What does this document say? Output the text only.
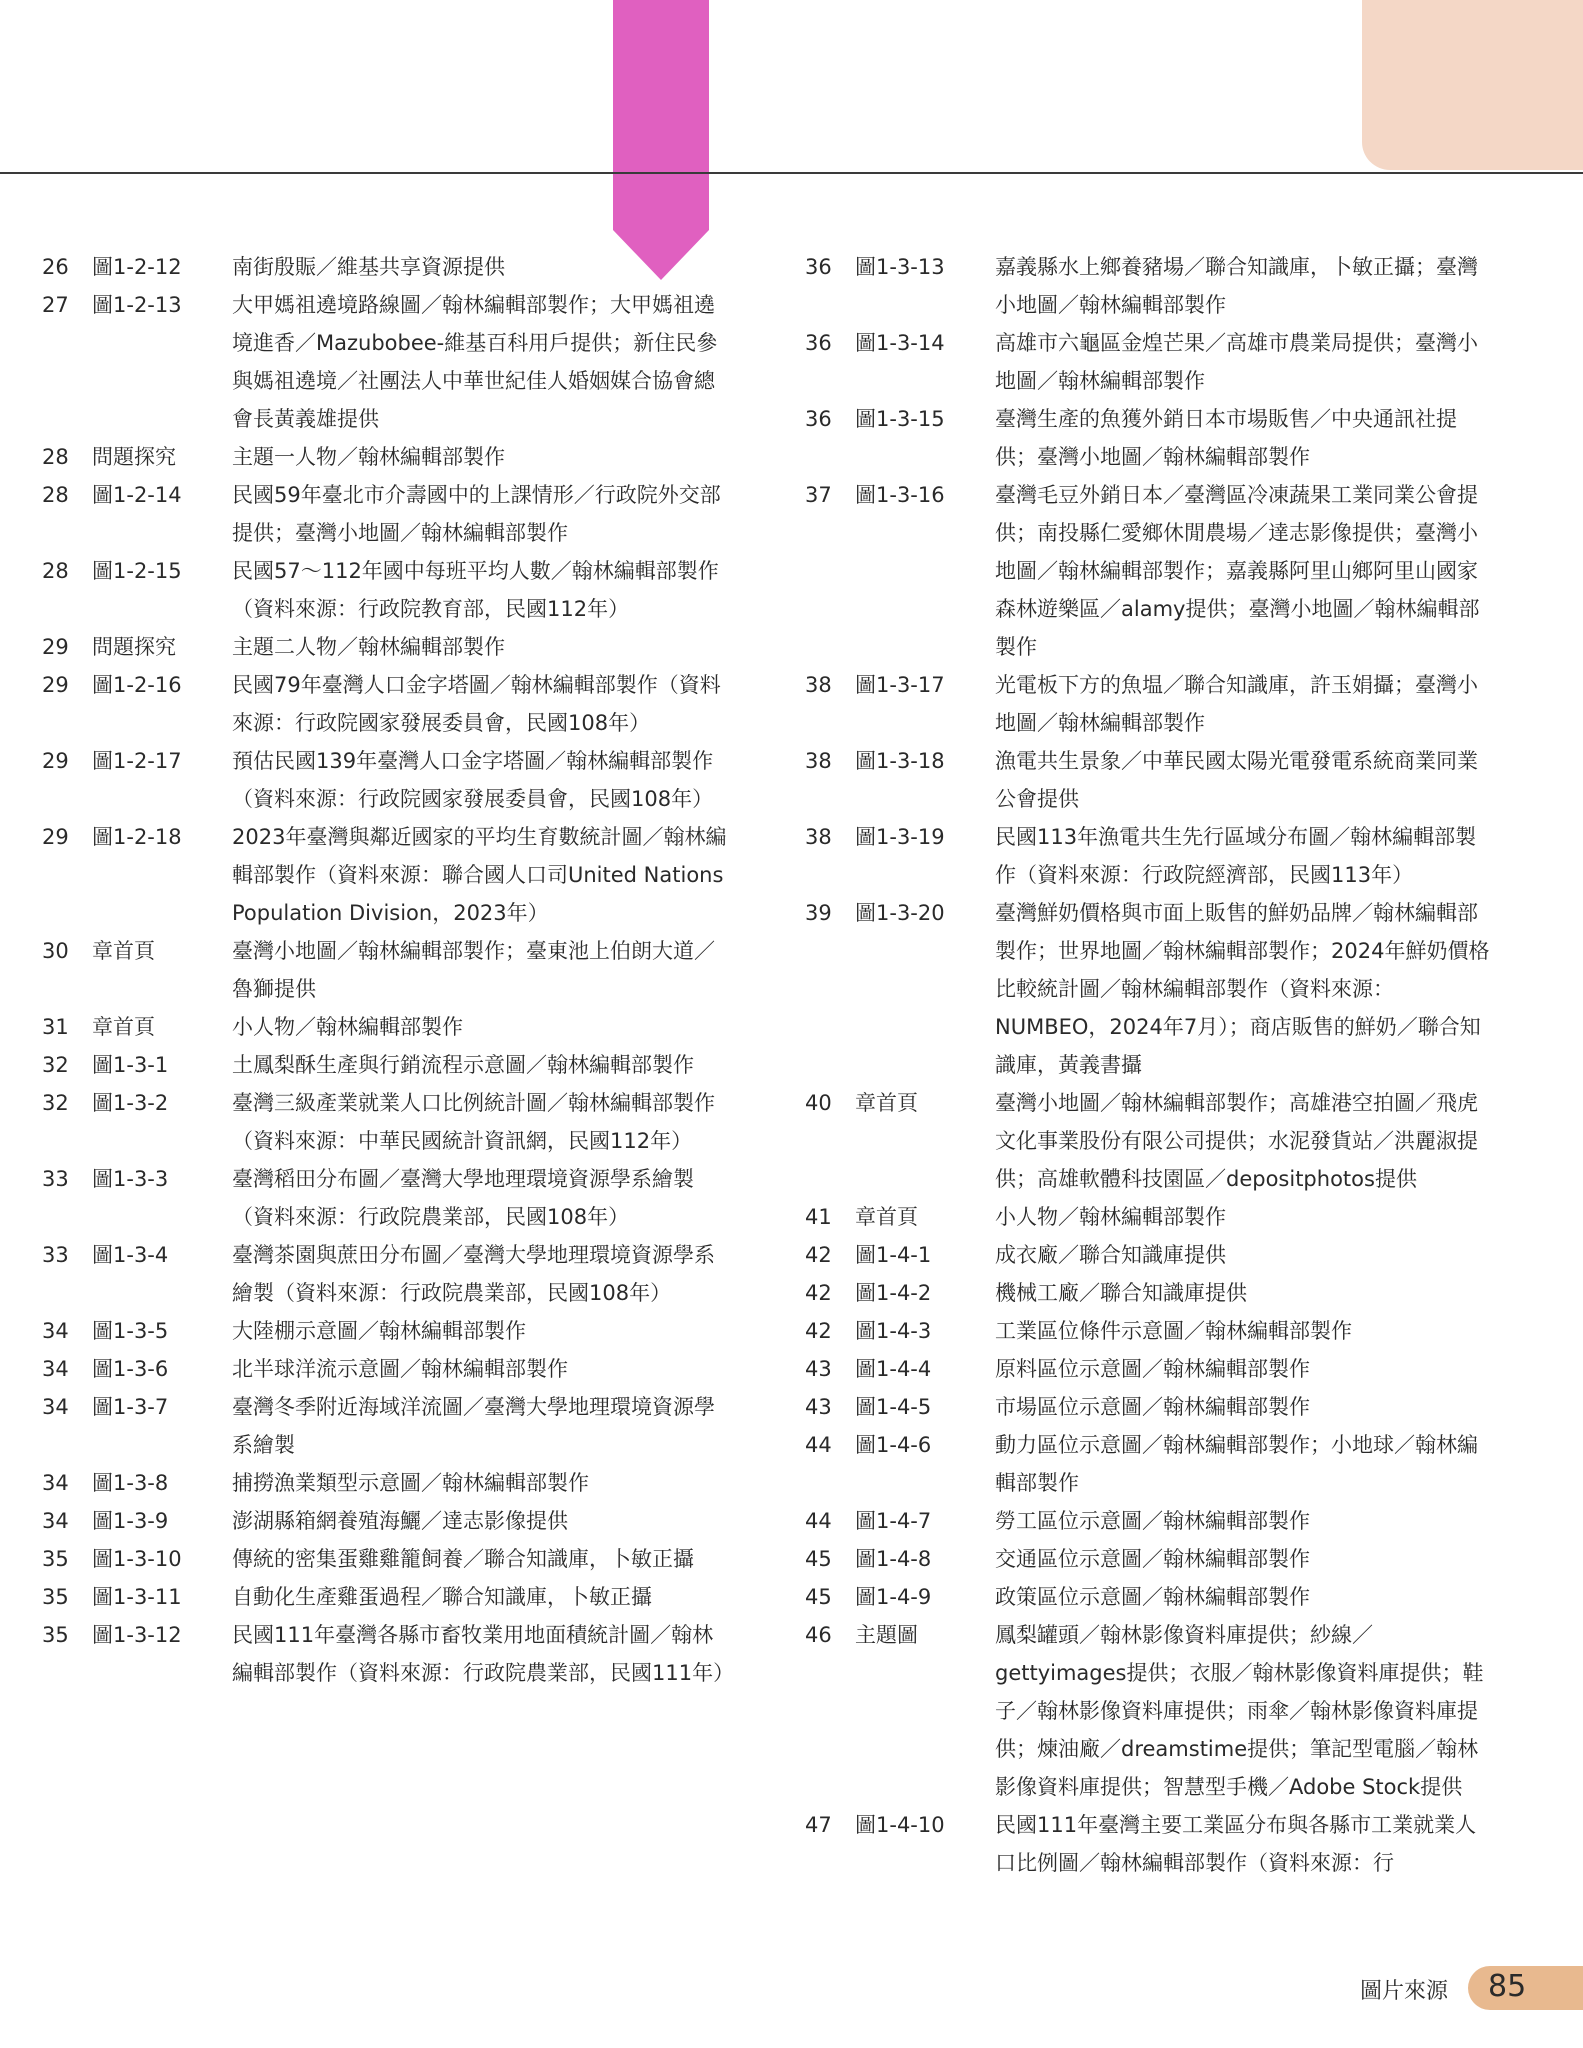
26	圖1-2-12	南街殷賑／維基共享資源提供
27	圖1-2-13	大甲媽祖遶境路線圖／翰林編輯部製作；大甲媽祖遶境進香／Mazubobee-維基百科用戶提供；新住民參與媽祖遶境／社團法人中華世紀佳人婚姻媒合協會總會長黃義雄提供
28	問題探究	主題一人物／翰林編輯部製作
28	圖1-2-14	民國59年臺北市介壽國中的上課情形／行政院外交部提供；臺灣小地圖／翰林編輯部製作
28	圖1-2-15	民國57～112年國中每班平均人數／翰林編輯部製作（資料來源：行政院教育部，民國112年）
29	問題探究	主題二人物／翰林編輯部製作
29	圖1-2-16	民國79年臺灣人口金字塔圖／翰林編輯部製作（資料來源：行政院國家發展委員會，民國108年）
29	圖1-2-17	預估民國139年臺灣人口金字塔圖／翰林編輯部製作（資料來源：行政院國家發展委員會，民國108年）
29	圖1-2-18	2023年臺灣與鄰近國家的平均生育數統計圖／翰林編輯部製作（資料來源：聯合國人口司United Nations Population Division，2023年）
30	章首頁	臺灣小地圖／翰林編輯部製作；臺東池上伯朗大道／魯獅提供
31	章首頁	小人物／翰林編輯部製作
32	圖1-3-1	土鳳梨酥生產與行銷流程示意圖／翰林編輯部製作
32	圖1-3-2	臺灣三級產業就業人口比例統計圖／翰林編輯部製作（資料來源：中華民國統計資訊網，民國112年）
33	圖1-3-3	臺灣稻田分布圖／臺灣大學地理環境資源學系繪製（資料來源：行政院農業部，民國108年）
33	圖1-3-4	臺灣茶園與蔗田分布圖／臺灣大學地理環境資源學系繪製（資料來源：行政院農業部，民國108年）
34	圖1-3-5	大陸棚示意圖／翰林編輯部製作
34	圖1-3-6	北半球洋流示意圖／翰林編輯部製作
34	圖1-3-7	臺灣冬季附近海域洋流圖／臺灣大學地理環境資源學系繪製
34	圖1-3-8	捕撈漁業類型示意圖／翰林編輯部製作
34	圖1-3-9	澎湖縣箱網養殖海鱺／達志影像提供
35	圖1-3-10	傳統的密集蛋雞雞籠飼養／聯合知識庫，卜敏正攝
35	圖1-3-11	自動化生產雞蛋過程／聯合知識庫，卜敏正攝
35	圖1-3-12	民國111年臺灣各縣市畜牧業用地面積統計圖／翰林編輯部製作（資料來源：行政院農業部，民國111年）
36	圖1-3-13	嘉義縣水上鄉養豬場／聯合知識庫，卜敏正攝；臺灣小地圖／翰林編輯部製作
36	圖1-3-14	高雄市六龜區金煌芒果／高雄市農業局提供；臺灣小地圖／翰林編輯部製作
36	圖1-3-15	臺灣生產的魚獲外銷日本市場販售／中央通訊社提供；臺灣小地圖／翰林編輯部製作
37	圖1-3-16	臺灣毛豆外銷日本／臺灣區冷凍蔬果工業同業公會提供；南投縣仁愛鄉休閒農場／達志影像提供；臺灣小地圖／翰林編輯部製作；嘉義縣阿里山鄉阿里山國家森林遊樂區／alamy提供；臺灣小地圖／翰林編輯部製作
38	圖1-3-17	光電板下方的魚塭／聯合知識庫，許玉娟攝；臺灣小地圖／翰林編輯部製作
38	圖1-3-18	漁電共生景象／中華民國太陽光電發電系統商業同業公會提供
38	圖1-3-19	民國113年漁電共生先行區域分布圖／翰林編輯部製作（資料來源：行政院經濟部，民國113年）
39	圖1-3-20	臺灣鮮奶價格與市面上販售的鮮奶品牌／翰林編輯部製作；世界地圖／翰林編輯部製作；2024年鮮奶價格比較統計圖／翰林編輯部製作（資料來源：NUMBEO，2024年7月）；商店販售的鮮奶／聯合知識庫，黃義書攝
40	章首頁	臺灣小地圖／翰林編輯部製作；高雄港空拍圖／飛虎文化事業股份有限公司提供；水泥發貨站／洪麗淑提供；高雄軟體科技園區／depositphotos提供
41	章首頁	小人物／翰林編輯部製作
42	圖1-4-1	成衣廠／聯合知識庫提供
42	圖1-4-2	機械工廠／聯合知識庫提供
42	圖1-4-3	工業區位條件示意圖／翰林編輯部製作
43	圖1-4-4	原料區位示意圖／翰林編輯部製作
43	圖1-4-5	市場區位示意圖／翰林編輯部製作
44	圖1-4-6	動力區位示意圖／翰林編輯部製作；小地球／翰林編輯部製作
44	圖1-4-7	勞工區位示意圖／翰林編輯部製作
45	圖1-4-8	交通區位示意圖／翰林編輯部製作
45	圖1-4-9	政策區位示意圖／翰林編輯部製作
46	主題圖	鳳梨罐頭／翰林影像資料庫提供；紗線／gettyimages提供；衣服／翰林影像資料庫提供；鞋子／翰林影像資料庫提供；雨傘／翰林影像資料庫提供；煉油廠／dreamstime提供；筆記型電腦／翰林影像資料庫提供；智慧型手機／Adobe Stock提供
47	圖1-4-10	民國111年臺灣主要工業區分布與各縣市工業就業人口比例圖／翰林編輯部製作（資料來源：行
圖片來源 85
